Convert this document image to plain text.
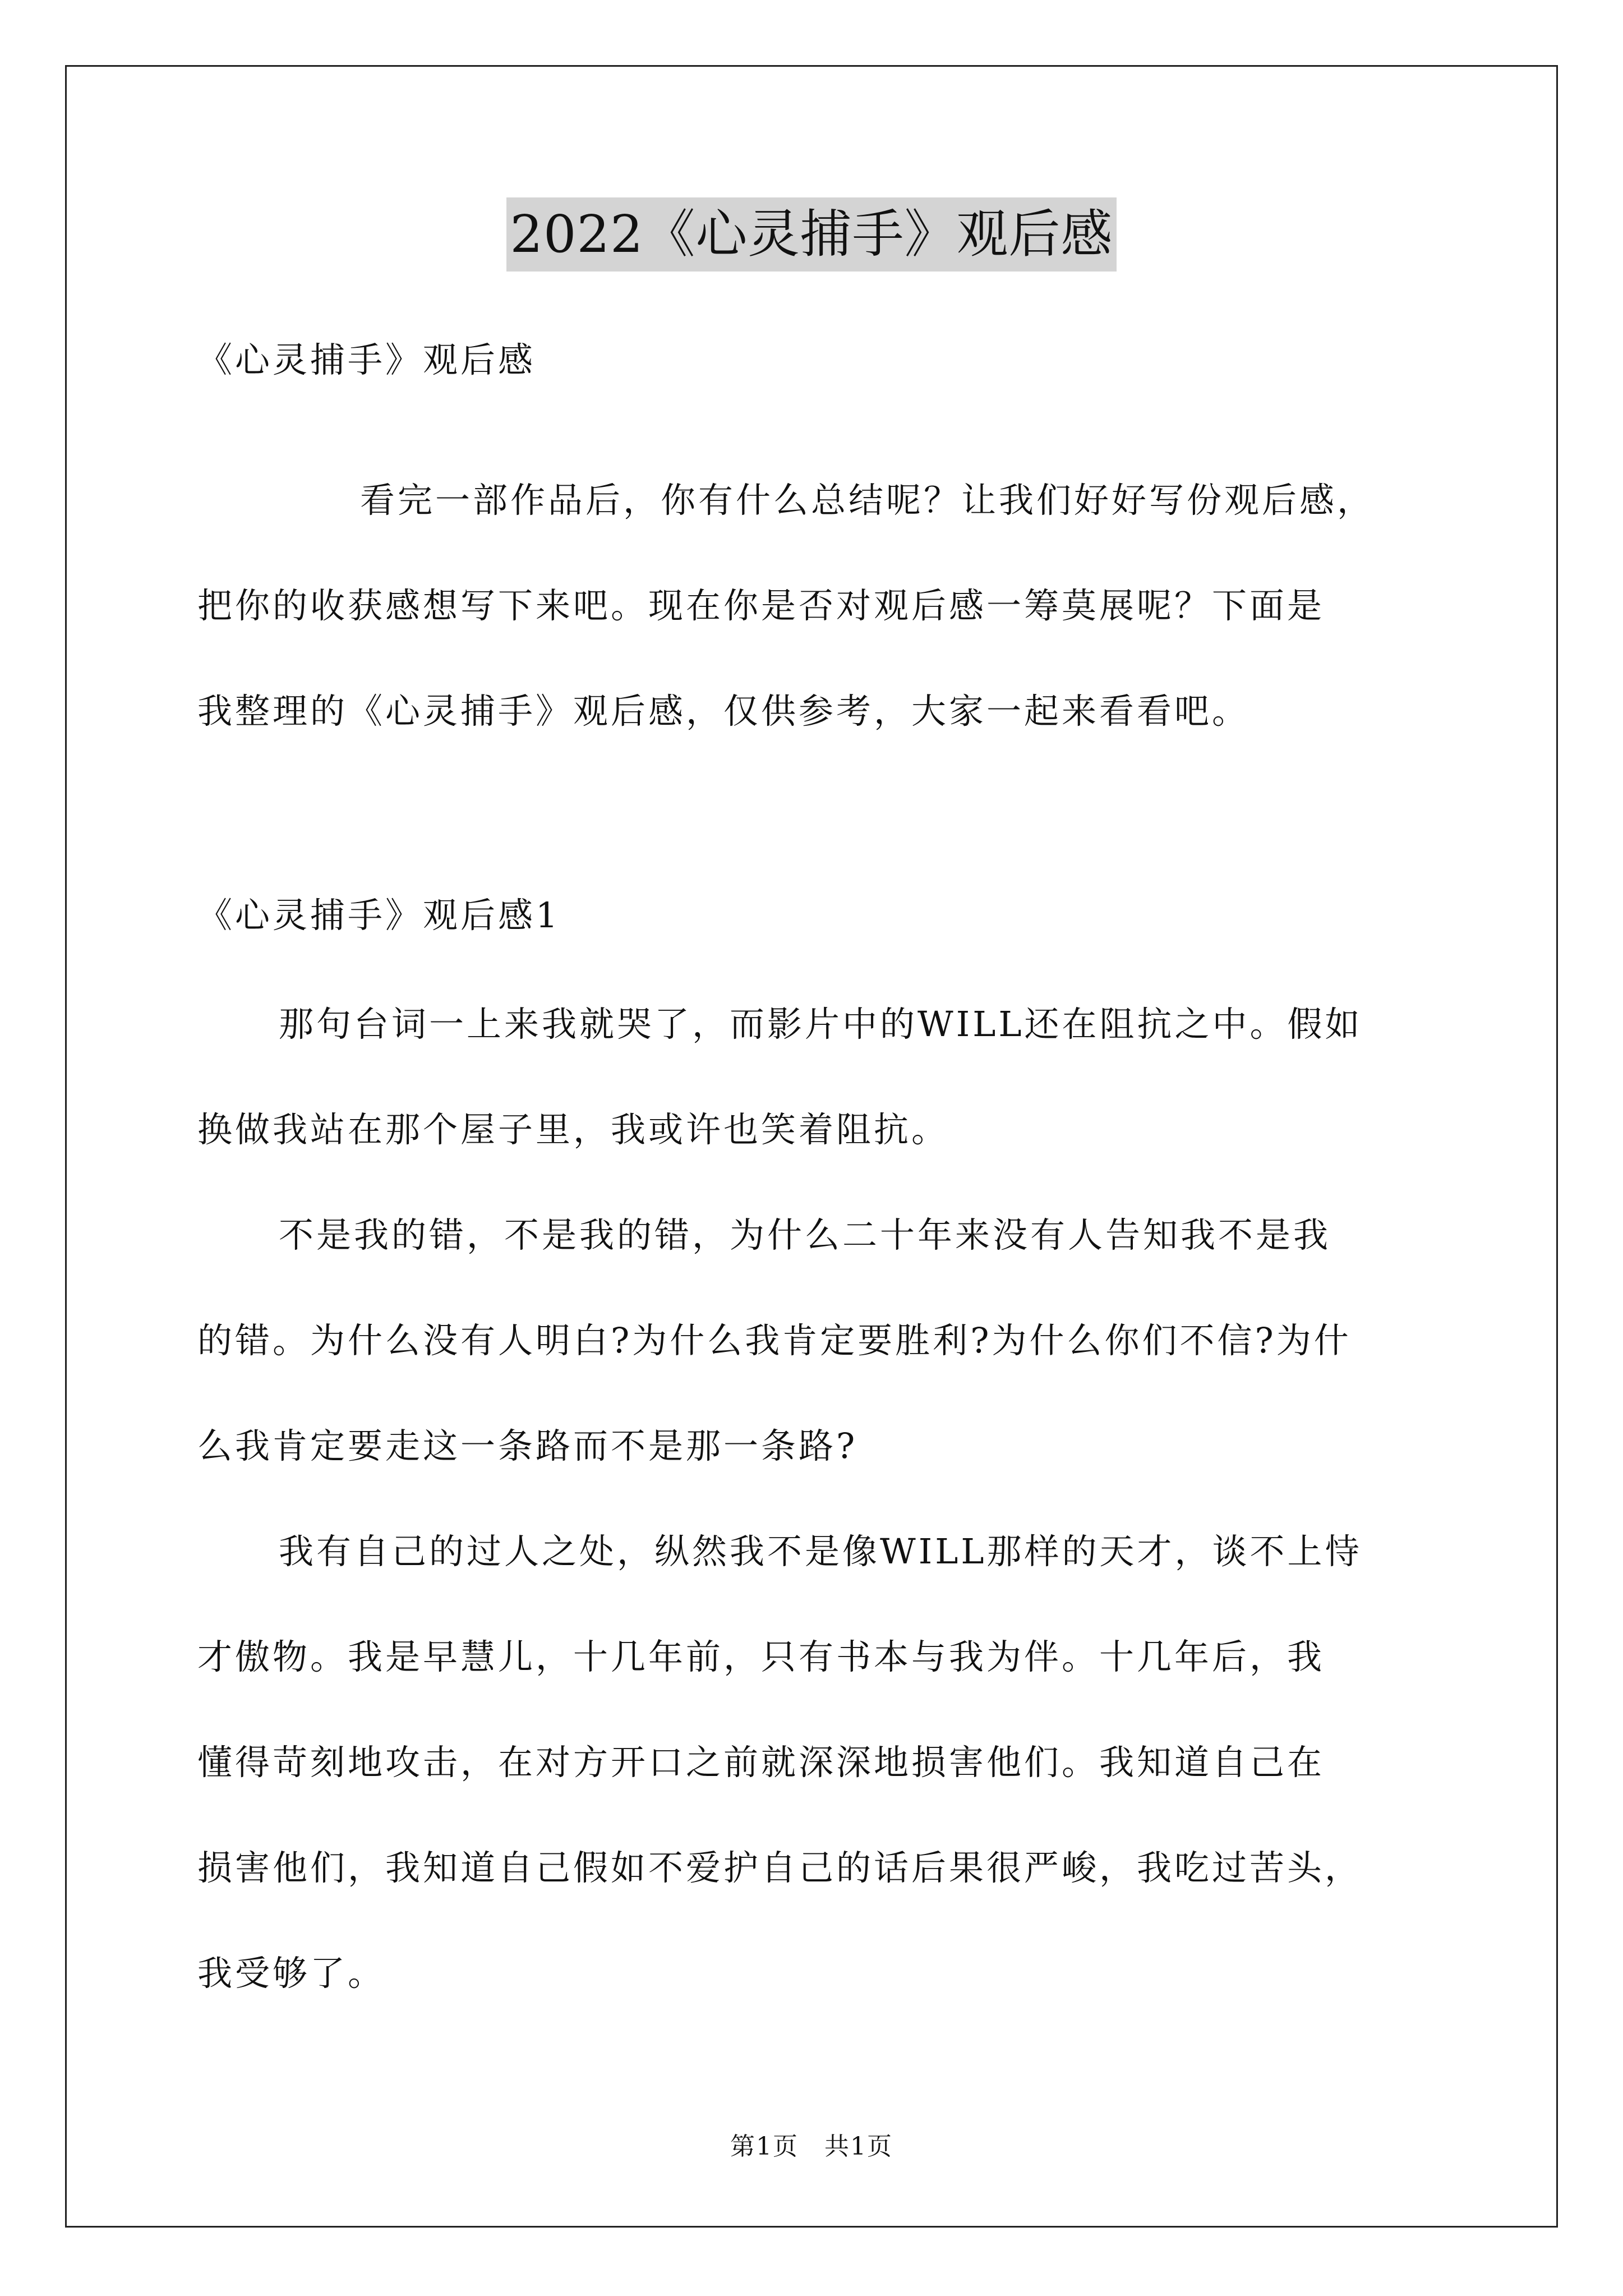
2022《心灵捕手》观后感
《心灵捕手》观后感
看完一部作品后，你有什么总结呢？让我们好好写份观后感，
把你的收获感想写下来吧。现在你是否对观后感一筹莫展呢？下面是
我整理的《心灵捕手》观后感，仅供参考，大家一起来看看吧。
《心灵捕手》观后感1
那句台词一上来我就哭了，而影片中的WILL还在阻抗之中。假如
换做我站在那个屋子里，我或许也笑着阻抗。
不是我的错，不是我的错，为什么二十年来没有人告知我不是我
的错。为什么没有人明白?为什么我肯定要胜利?为什么你们不信?为什
么我肯定要走这一条路而不是那一条路?
我有自己的过人之处，纵然我不是像WILL那样的天才，谈不上恃
才傲物。我是早慧儿，十几年前，只有书本与我为伴。十几年后，我
懂得苛刻地攻击，在对方开口之前就深深地损害他们。我知道自己在
损害他们，我知道自己假如不爱护自己的话后果很严峻，我吃过苦头，
我受够了。
第1页　共1页
